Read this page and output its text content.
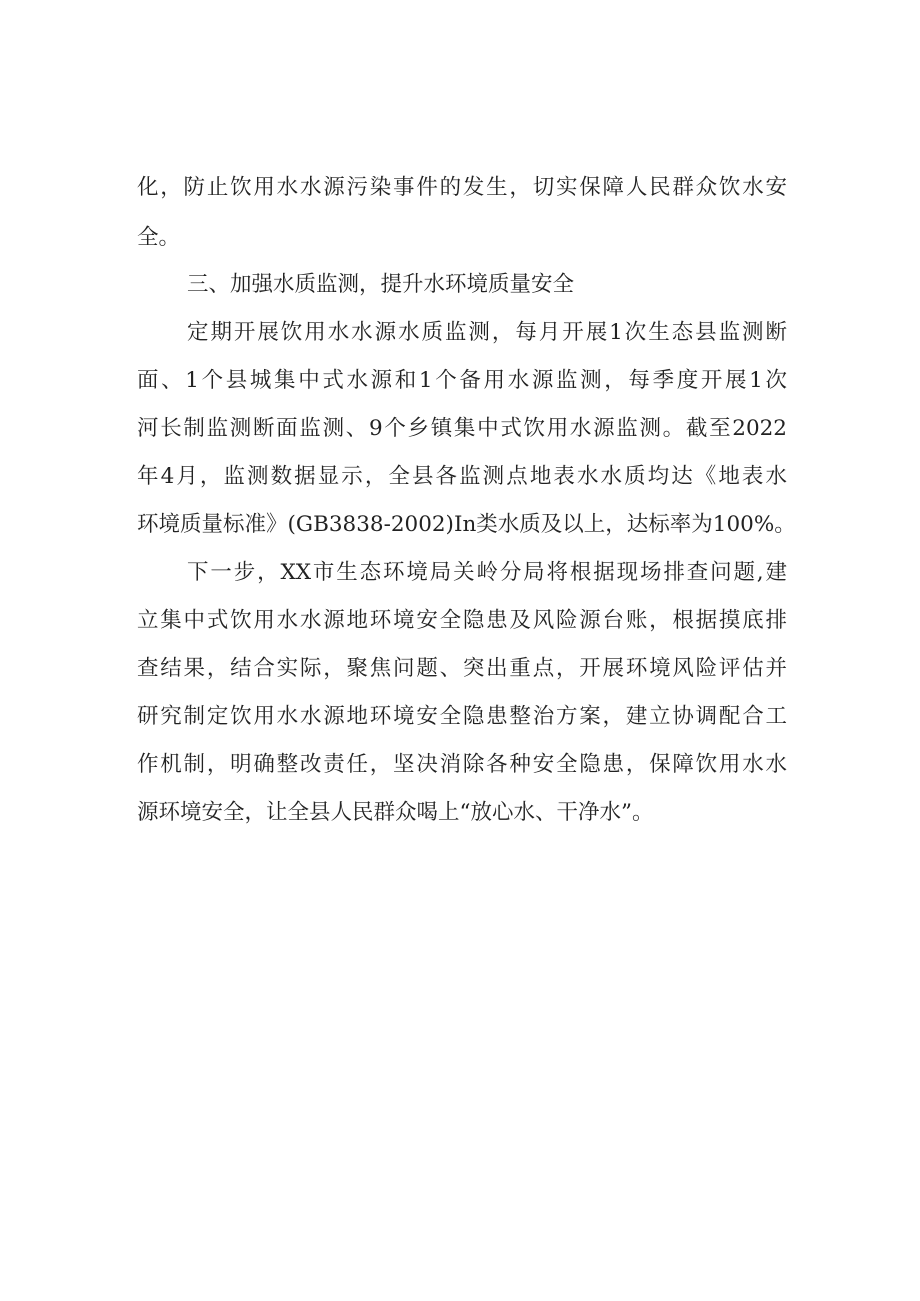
化，防止饮用水水源污染事件的发生，切实保障人民群众饮水安
全。
三、加强水质监测，提升水环境质量安全
定期开展饮用水水源水质监测，每月开展1次生态县监测断
面、1个县城集中式水源和1个备用水源监测，每季度开展1次
河长制监测断面监测、9个乡镇集中式饮用水源监测。截至2022
年4月，监测数据显示，全县各监测点地表水水质均达《地表水
环境质量标准》(GB3838-2002)In类水质及以上，达标率为100%。
下一步，XX市生态环境局关岭分局将根据现场排查问题,建
立集中式饮用水水源地环境安全隐患及风险源台账，根据摸底排
查结果，结合实际，聚焦问题、突出重点，开展环境风险评估并
研究制定饮用水水源地环境安全隐患整治方案，建立协调配合工
作机制，明确整改责任，坚决消除各种安全隐患，保障饮用水水
源环境安全，让全县人民群众喝上“放心水、干净水”。
